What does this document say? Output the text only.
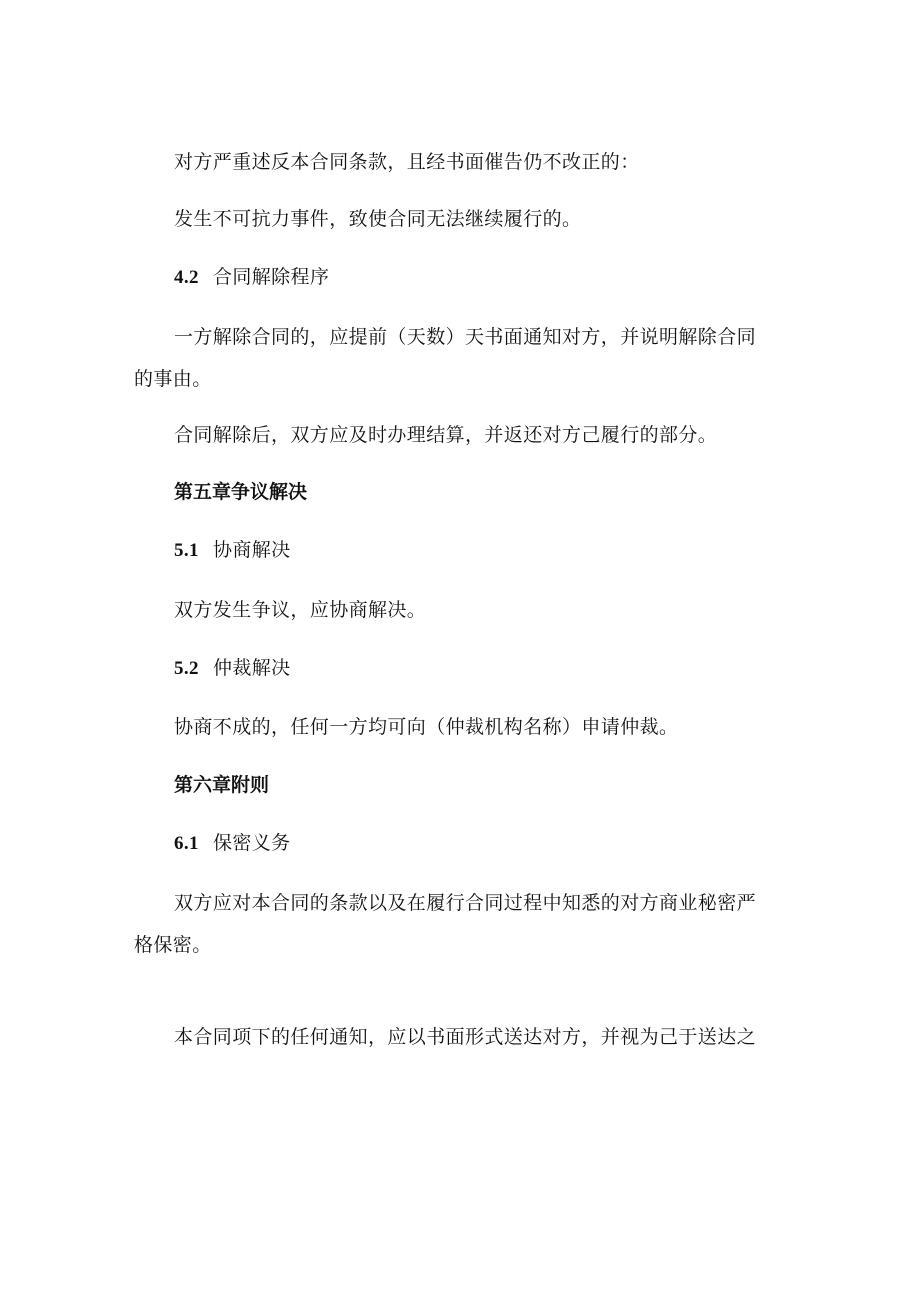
对方严重述反本合同条款，且经书面催告仍不改正的：
发生不可抗力事件，致使合同无法继续履行的。
4.2 合同解除程序
一方解除合同的，应提前（天数）天书面通知对方，并说明解除合同
的事由。
合同解除后，双方应及时办理结算，并返还对方己履行的部分。
第五章争议解决
5.1 协商解决
双方发生争议，应协商解决。
5.2 仲裁解决
协商不成的，任何一方均可向（仲裁机构名称）申请仲裁。
第六章附则
6.1 保密义务
双方应对本合同的条款以及在履行合同过程中知悉的对方商业秘密严
格保密。
本合同项下的任何通知，应以书面形式送达对方，并视为己于送达之
